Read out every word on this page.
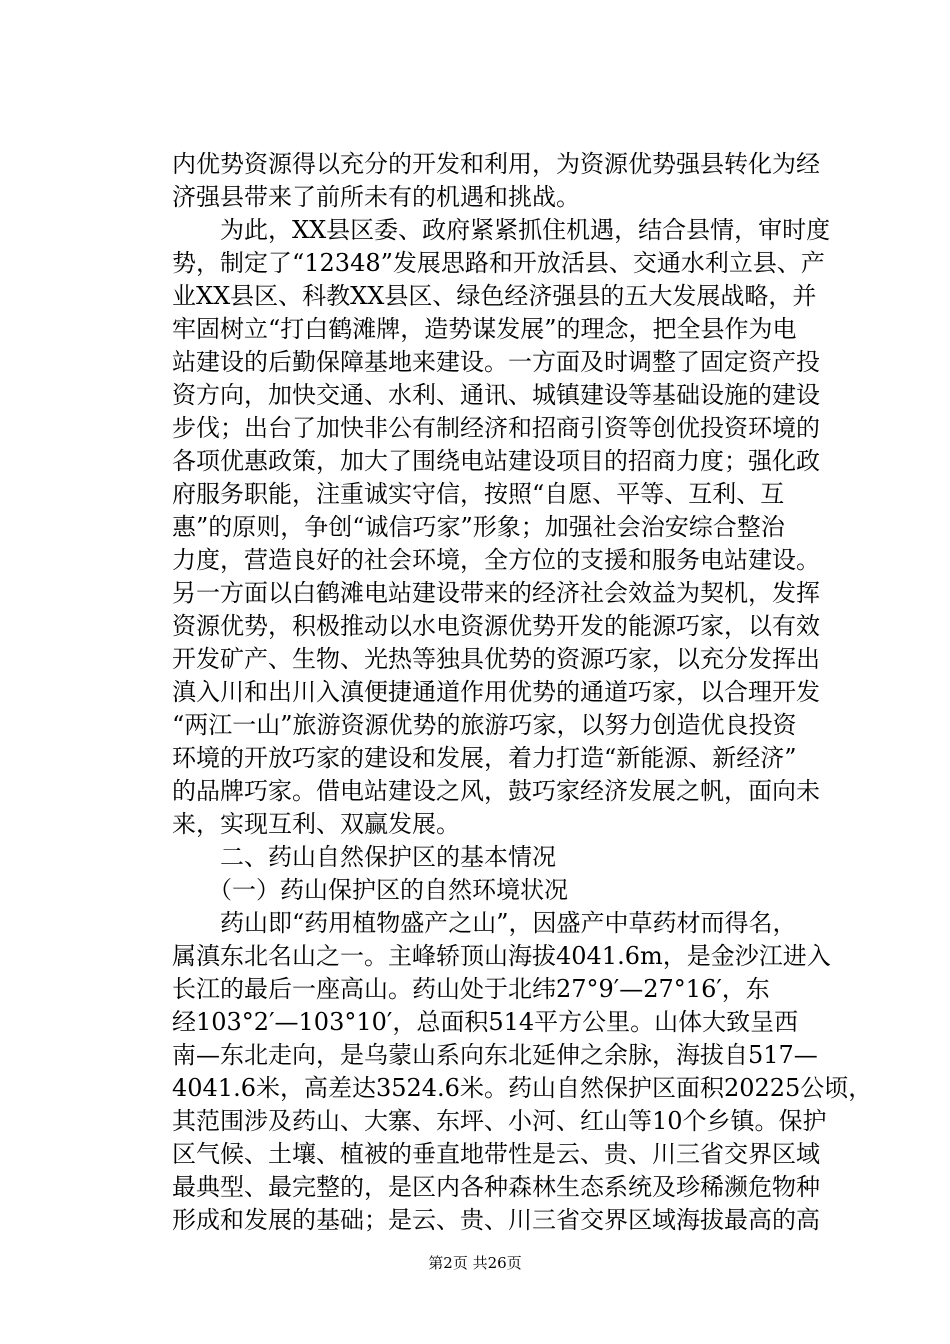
内优势资源得以充分的开发和利用，为资源优势强县转化为经
济强县带来了前所未有的机遇和挑战。
　　为此，XX县区委、政府紧紧抓住机遇，结合县情，审时度
势，制定了“12348”发展思路和开放活县、交通水利立县、产
业XX县区、科教XX县区、绿色经济强县的五大发展战略，并
牢固树立“打白鹤滩牌，造势谋发展”的理念，把全县作为电
站建设的后勤保障基地来建设。一方面及时调整了固定资产投
资方向，加快交通、水利、通讯、城镇建设等基础设施的建设
步伐；出台了加快非公有制经济和招商引资等创优投资环境的
各项优惠政策，加大了围绕电站建设项目的招商力度；强化政
府服务职能，注重诚实守信，按照“自愿、平等、互利、互
惠”的原则，争创“诚信巧家”形象；加强社会治安综合整治
力度，营造良好的社会环境，全方位的支援和服务电站建设。
另一方面以白鹤滩电站建设带来的经济社会效益为契机，发挥
资源优势，积极推动以水电资源优势开发的能源巧家，以有效
开发矿产、生物、光热等独具优势的资源巧家，以充分发挥出
滇入川和出川入滇便捷通道作用优势的通道巧家，以合理开发
“两江一山”旅游资源优势的旅游巧家，以努力创造优良投资
环境的开放巧家的建设和发展，着力打造“新能源、新经济”
的品牌巧家。借电站建设之风，鼓巧家经济发展之帆，面向未
来，实现互利、双赢发展。
　　二、药山自然保护区的基本情况
　　（一）药山保护区的自然环境状况
　　药山即“药用植物盛产之山”，因盛产中草药材而得名，
属滇东北名山之一。主峰轿顶山海拔4041.6m，是金沙江进入
长江的最后一座高山。药山处于北纬27°9′—27°16′，东
经103°2′—103°10′，总面积514平方公里。山体大致呈西
南—东北走向，是乌蒙山系向东北延伸之余脉，海拔自517—
4041.6米，高差达3524.6米。药山自然保护区面积20225公顷，
其范围涉及药山、大寨、东坪、小河、红山等10个乡镇。保护
区气候、土壤、植被的垂直地带性是云、贵、川三省交界区域
最典型、最完整的，是区内各种森林生态系统及珍稀濒危物种
形成和发展的基础；是云、贵、川三省交界区域海拔最高的高
第2页 共26页
